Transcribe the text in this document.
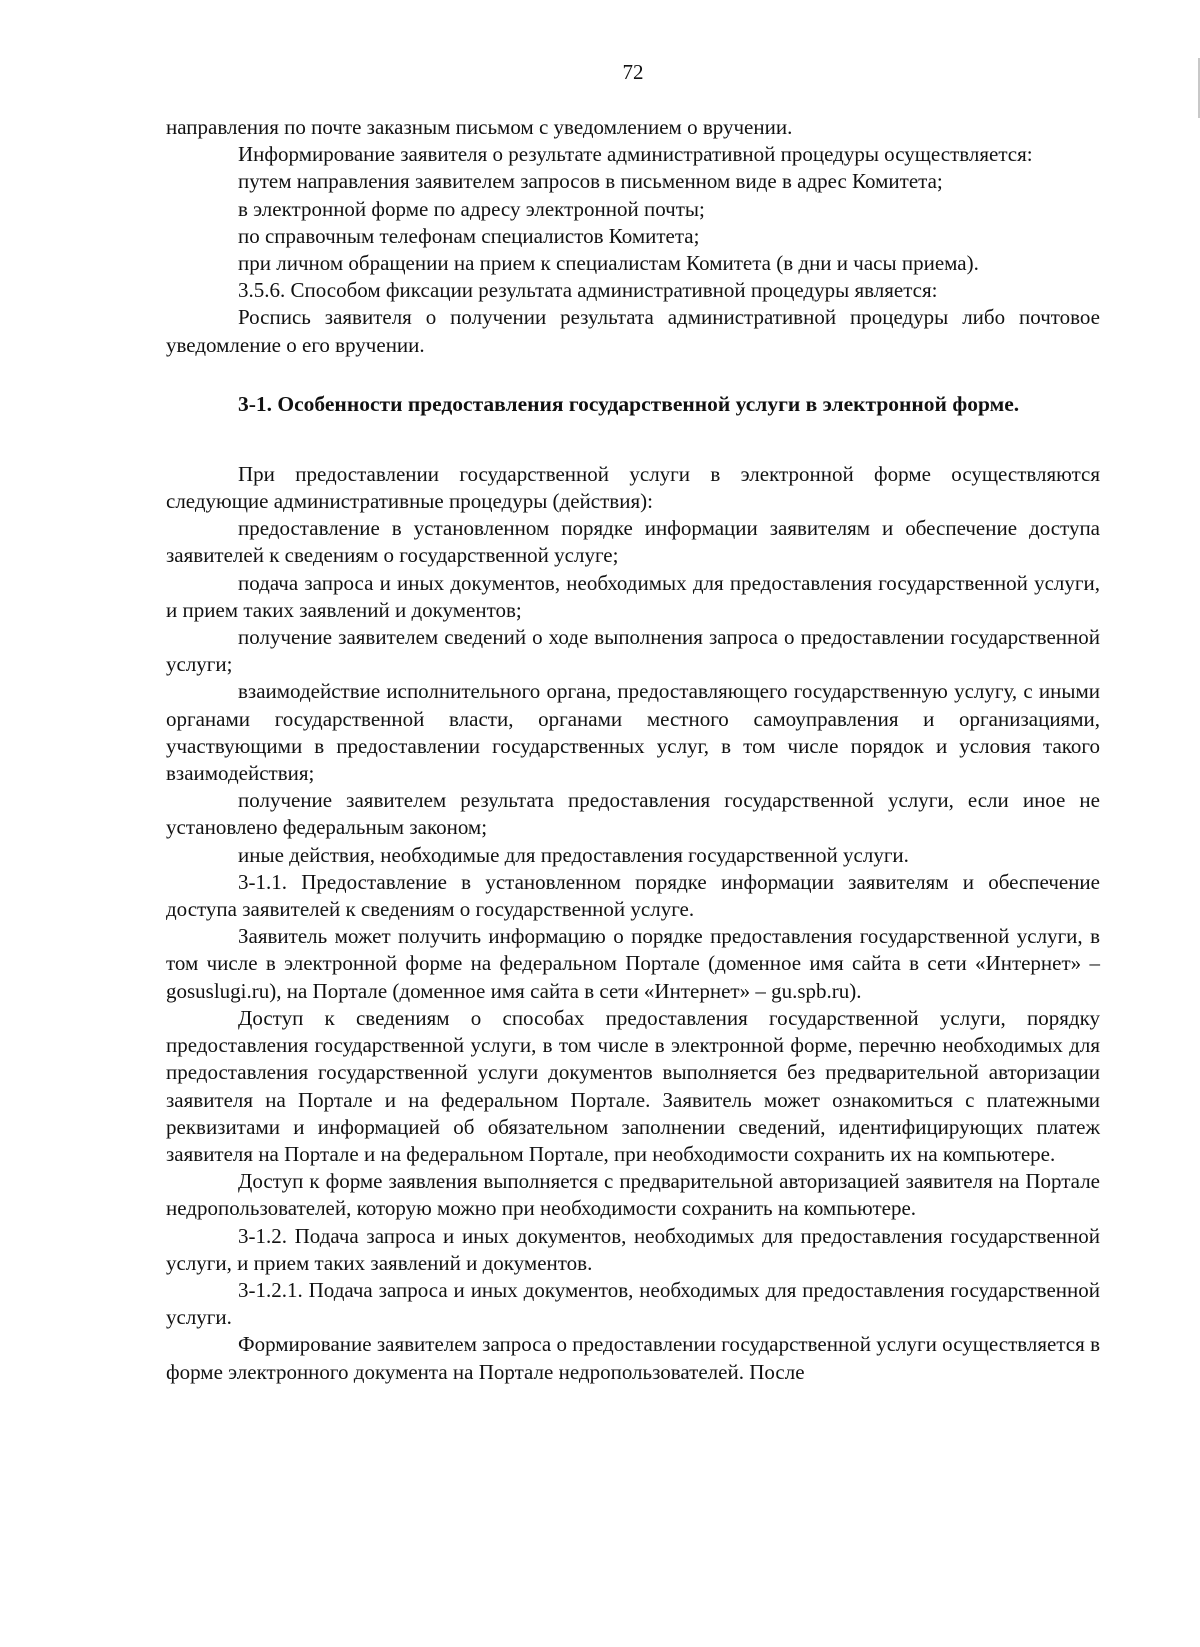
72

направления по почте заказным письмом с уведомлением о вручении.

Информирование заявителя о результате административной процедуры осуществляется:

путем направления заявителем запросов в письменном виде в адрес Комитета;

в электронной форме по адресу электронной почты;

по справочным телефонам специалистов Комитета;

при личном обращении на прием к специалистам Комитета (в дни и часы приема).

3.5.6. Способом фиксации результата административной процедуры является:

Роспись заявителя о получении результата административной процедуры либо почтовое уведомление о его вручении.

3-1. Особенности предоставления государственной услуги в электронной форме.

При предоставлении государственной услуги в электронной форме осуществляются следующие административные процедуры (действия):

предоставление в установленном порядке информации заявителям и обеспечение доступа заявителей к сведениям о государственной услуге;

подача запроса и иных документов, необходимых для предоставления государственной услуги, и прием таких заявлений и документов;

получение заявителем сведений о ходе выполнения запроса о предоставлении государственной услуги;

взаимодействие исполнительного органа, предоставляющего государственную услугу, с иными органами государственной власти, органами местного самоуправления и организациями, участвующими в предоставлении государственных услуг, в том числе порядок и условия такого взаимодействия;

получение заявителем результата предоставления государственной услуги, если иное не установлено федеральным законом;

иные действия, необходимые для предоставления государственной услуги.

3-1.1. Предоставление в установленном порядке информации заявителям и обеспечение доступа заявителей к сведениям о государственной услуге.

Заявитель может получить информацию о порядке предоставления государственной услуги, в том числе в электронной форме на федеральном Портале (доменное имя сайта в сети «Интернет» – gosuslugi.ru), на Портале (доменное имя сайта в сети «Интернет» – gu.spb.ru).

Доступ к сведениям о способах предоставления государственной услуги, порядку предоставления государственной услуги, в том числе в электронной форме, перечню необходимых для предоставления государственной услуги документов выполняется без предварительной авторизации заявителя на Портале и на федеральном Портале. Заявитель может ознакомиться с платежными реквизитами и информацией об обязательном заполнении сведений, идентифицирующих платеж заявителя на Портале и на федеральном Портале, при необходимости сохранить их на компьютере.

Доступ к форме заявления выполняется с предварительной авторизацией заявителя на Портале недропользователей, которую можно при необходимости сохранить на компьютере.

3-1.2. Подача запроса и иных документов, необходимых для предоставления государственной услуги, и прием таких заявлений и документов.

3-1.2.1. Подача запроса и иных документов, необходимых для предоставления государственной услуги.

Формирование заявителем запроса о предоставлении государственной услуги осуществляется в форме электронного документа на Портале недропользователей. После
